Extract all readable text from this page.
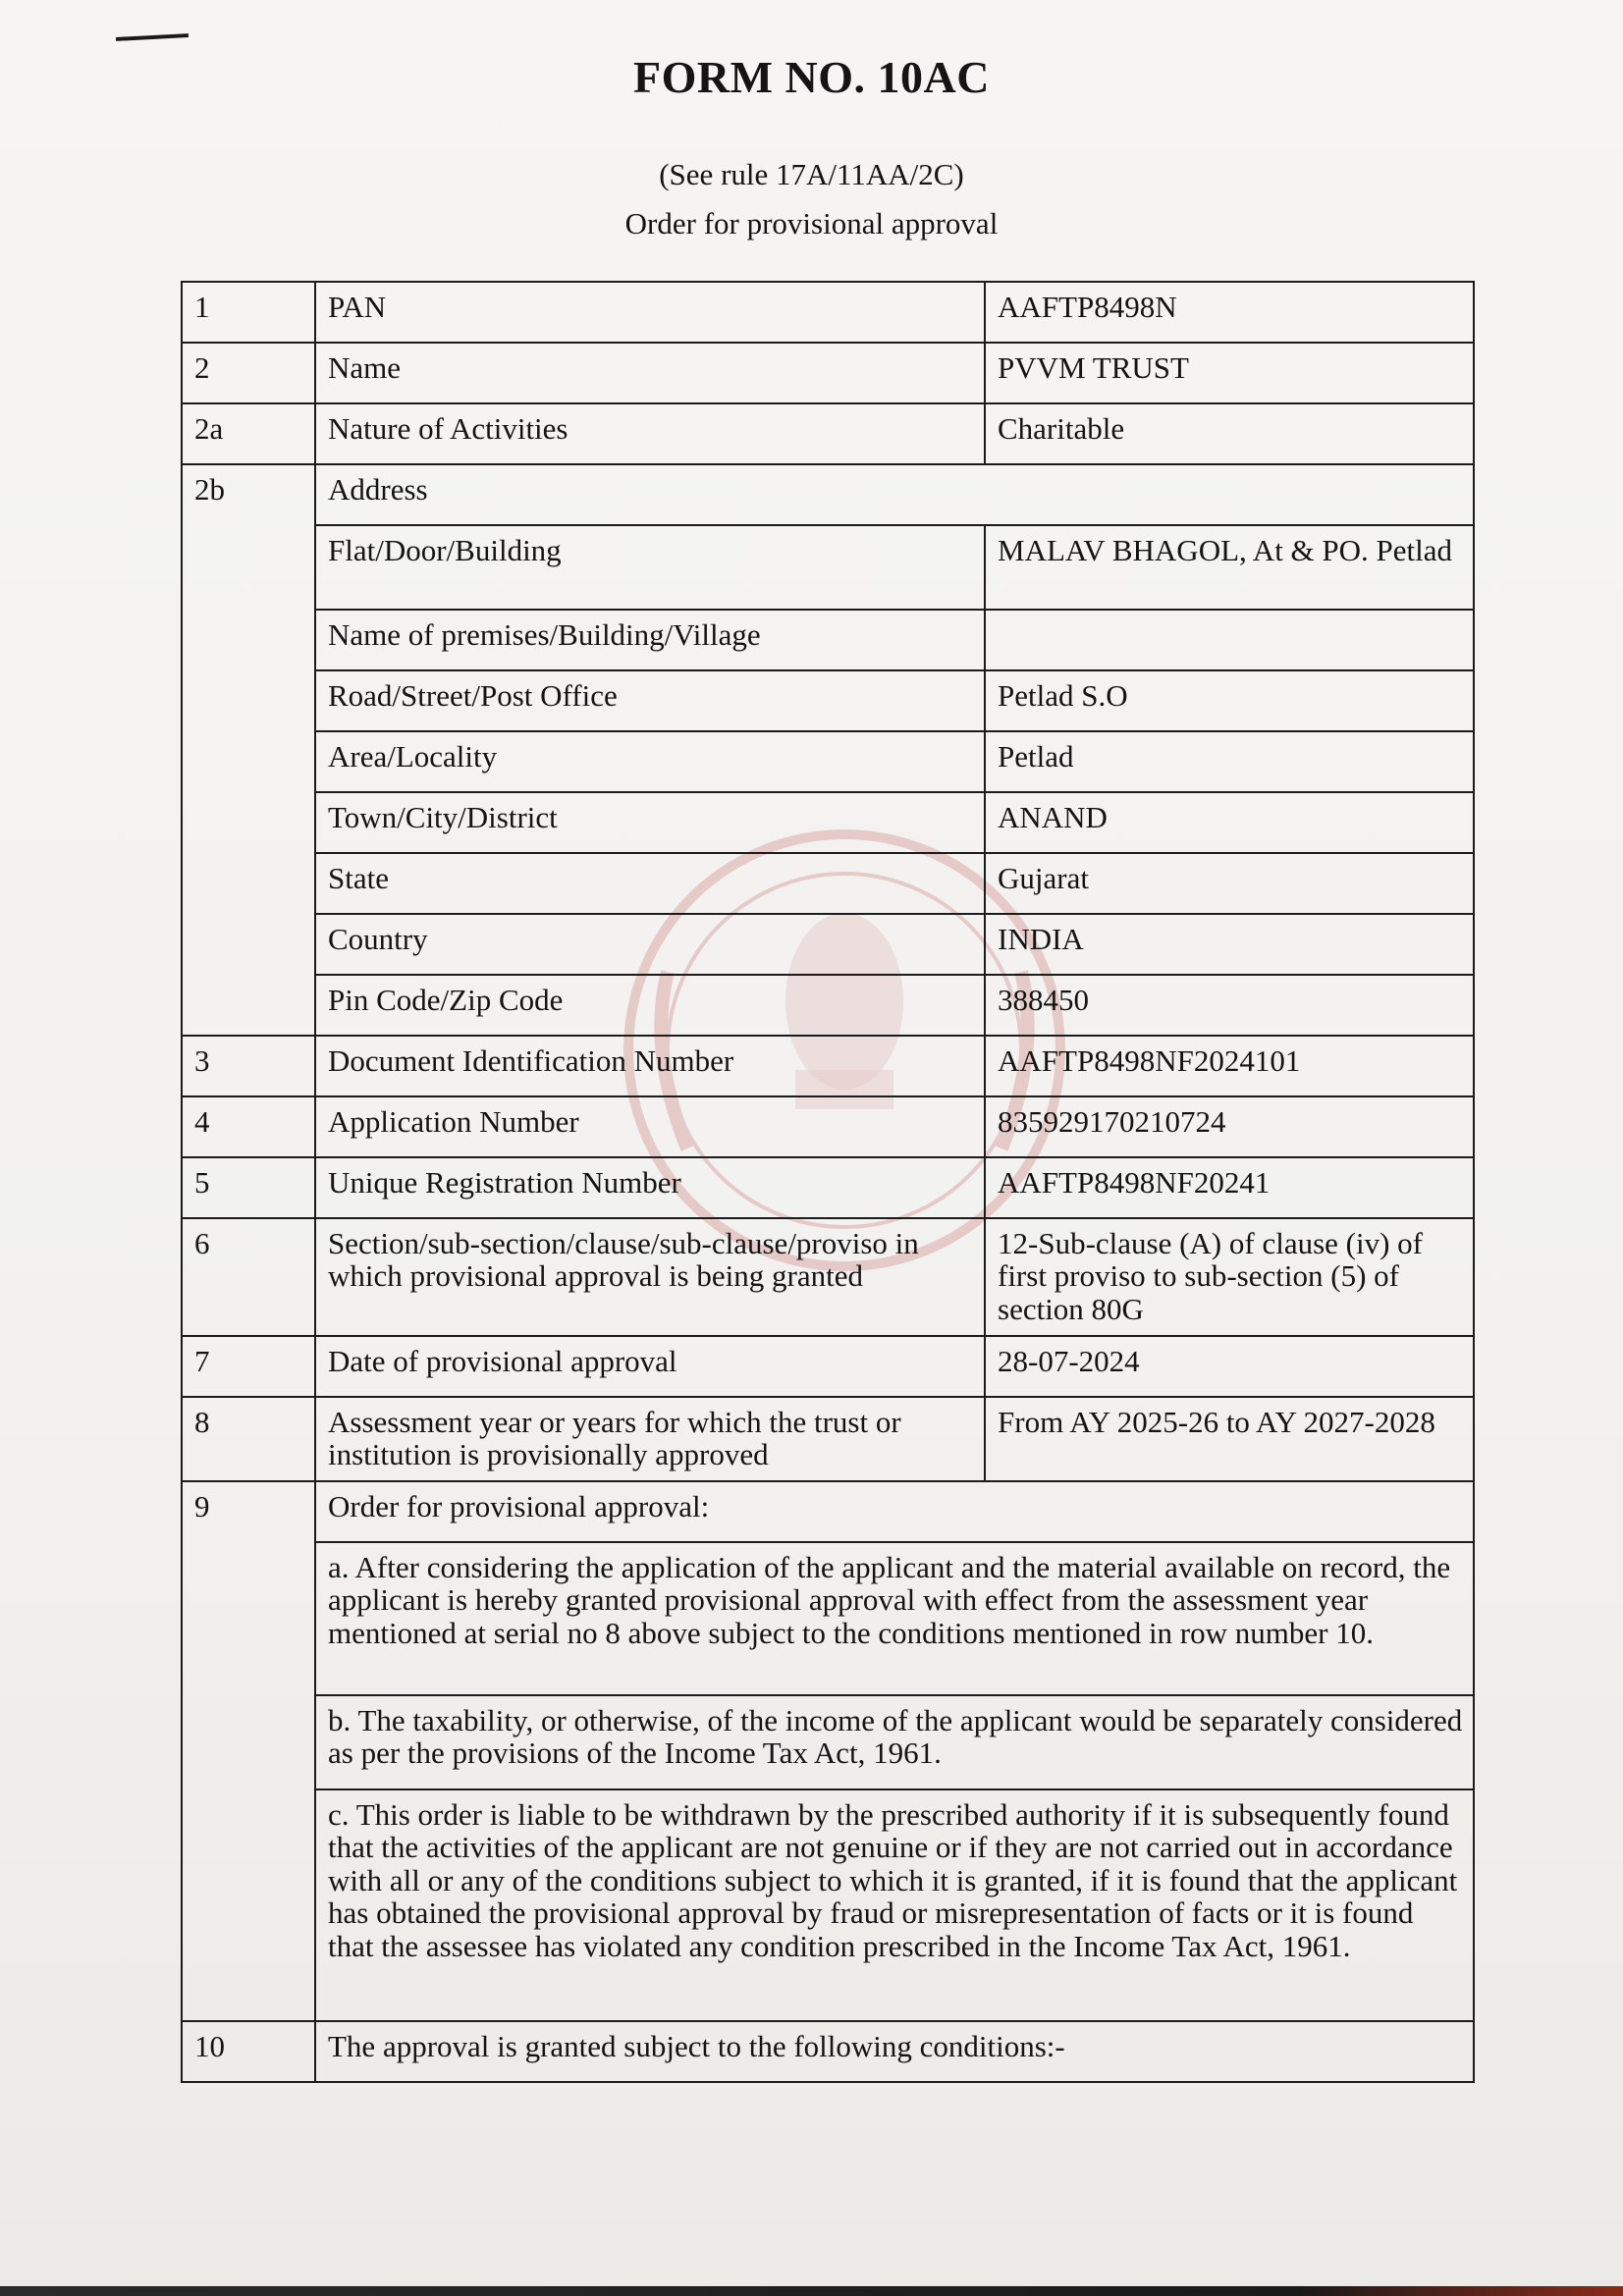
FORM NO. 10AC
(See rule 17A/11AA/2C)
Order for provisional approval
1	PAN	AAFTP8498N
2	Name	PVVM TRUST
2a	Nature of Activities	Charitable
2b	Address	
	Flat/Door/Building	MALAV BHAGOL, At & PO. Petlad
	Name of premises/Building/Village	
	Road/Street/Post Office	Petlad S.O
	Area/Locality	Petlad
	Town/City/District	ANAND
	State	Gujarat
	Country	INDIA
	Pin Code/Zip Code	388450
3	Document Identification Number	AAFTP8498NF2024101
4	Application Number	835929170210724
5	Unique Registration Number	AAFTP8498NF20241
6	Section/sub-section/clause/sub-clause/proviso in which provisional approval is being granted	12-Sub-clause (A) of clause (iv) of first proviso to sub-section (5) of section 80G
7	Date of provisional approval	28-07-2024
8	Assessment year or years for which the trust or institution is provisionally approved	From AY 2025-26 to AY 2027-2028
9	Order for provisional approval:	
	a. After considering the application of the applicant and the material available on record, the applicant is hereby granted provisional approval with effect from the assessment year mentioned at serial no 8 above subject to the conditions mentioned in row number 10.	
	b. The taxability, or otherwise, of the income of the applicant would be separately considered as per the provisions of the Income Tax Act, 1961.	
	c. This order is liable to be withdrawn by the prescribed authority if it is subsequently found that the activities of the applicant are not genuine or if they are not carried out in accordance with all or any of the conditions subject to which it is granted, if it is found that the applicant has obtained the provisional approval by fraud or misrepresentation of facts or it is found that the assessee has violated any condition prescribed in the Income Tax Act, 1961.	
10	The approval is granted subject to the following conditions:-	
